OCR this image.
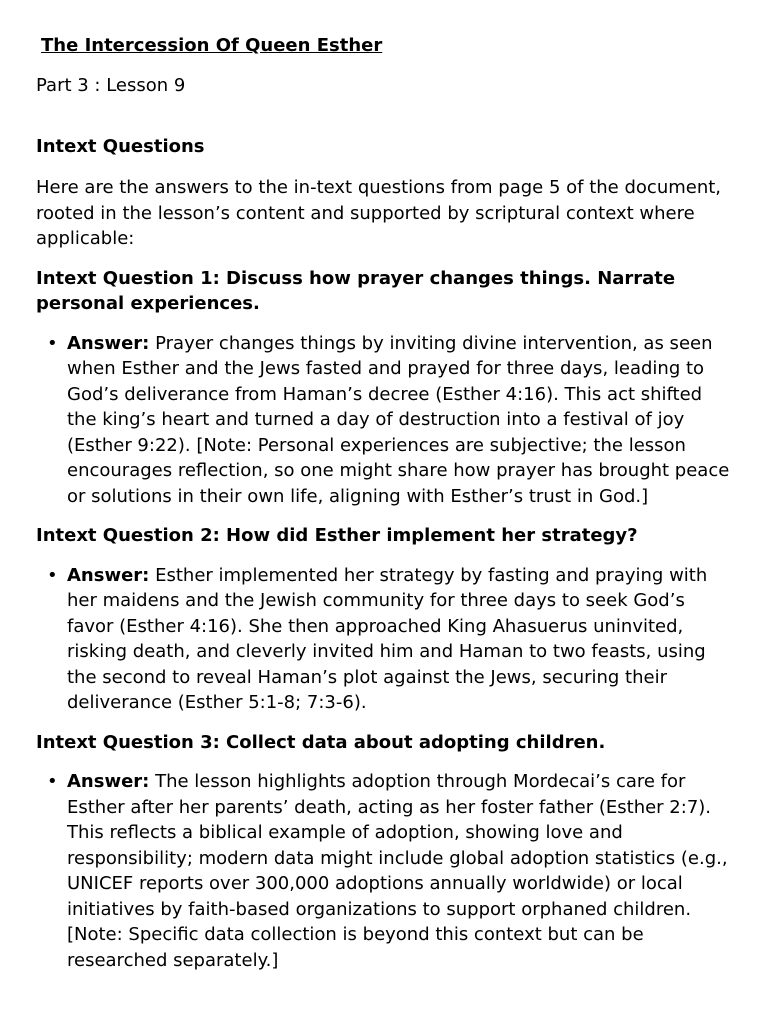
The Intercession Of Queen Esther

Part 3 : Lesson 9

Intext Questions

Here are the answers to the in-text questions from page 5 of the document, rooted in the lesson’s content and supported by scriptural context where applicable:

Intext Question 1: Discuss how prayer changes things. Narrate personal experiences.

• Answer: Prayer changes things by inviting divine intervention, as seen when Esther and the Jews fasted and prayed for three days, leading to God’s deliverance from Haman’s decree (Esther 4:16). This act shifted the king’s heart and turned a day of destruction into a festival of joy (Esther 9:22). [Note: Personal experiences are subjective; the lesson encourages reflection, so one might share how prayer has brought peace or solutions in their own life, aligning with Esther’s trust in God.]

Intext Question 2: How did Esther implement her strategy?

• Answer: Esther implemented her strategy by fasting and praying with her maidens and the Jewish community for three days to seek God’s favor (Esther 4:16). She then approached King Ahasuerus uninvited, risking death, and cleverly invited him and Haman to two feasts, using the second to reveal Haman’s plot against the Jews, securing their deliverance (Esther 5:1-8; 7:3-6).

Intext Question 3: Collect data about adopting children.

• Answer: The lesson highlights adoption through Mordecai’s care for Esther after her parents’ death, acting as her foster father (Esther 2:7). This reflects a biblical example of adoption, showing love and responsibility; modern data might include global adoption statistics (e.g., UNICEF reports over 300,000 adoptions annually worldwide) or local initiatives by faith-based organizations to support orphaned children. [Note: Specific data collection is beyond this context but can be researched separately.]
